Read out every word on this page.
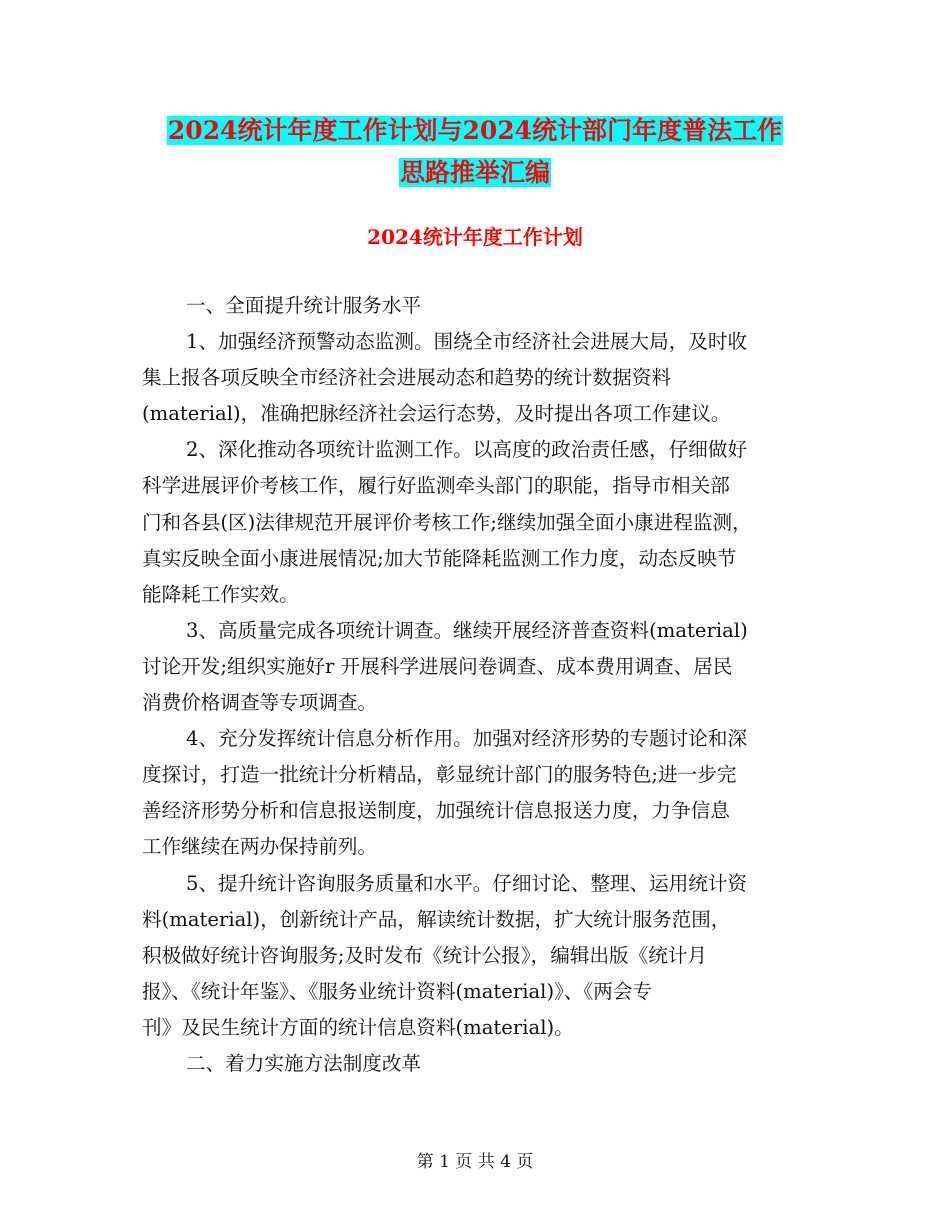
2024统计年度工作计划与2024统计部门年度普法工作
思路推举汇编
2024统计年度工作计划
一、全面提升统计服务水平
1、加强经济预警动态监测。围绕全市经济社会进展大局，及时收
集上报各项反映全市经济社会进展动态和趋势的统计数据资料
(material)，准确把脉经济社会运行态势，及时提出各项工作建议。
2、深化推动各项统计监测工作。以高度的政治责任感，仔细做好
科学进展评价考核工作，履行好监测牵头部门的职能，指导市相关部
门和各县(区)法律规范开展评价考核工作;继续加强全面小康进程监测，
真实反映全面小康进展情况;加大节能降耗监测工作力度，动态反映节
能降耗工作实效。
3、高质量完成各项统计调查。继续开展经济普查资料(material)
讨论开发;组织实施好r 开展科学进展问卷调查、成本费用调查、居民
消费价格调查等专项调查。
4、充分发挥统计信息分析作用。加强对经济形势的专题讨论和深
度探讨，打造一批统计分析精品，彰显统计部门的服务特色;进一步完
善经济形势分析和信息报送制度，加强统计信息报送力度，力争信息
工作继续在两办保持前列。
5、提升统计咨询服务质量和水平。仔细讨论、整理、运用统计资
料(material)，创新统计产品，解读统计数据，扩大统计服务范围，
积极做好统计咨询服务;及时发布《统计公报》，编辑出版《统计月
报》、《统计年鉴》、《服务业统计资料(material)》、《两会专
刊》及民生统计方面的统计信息资料(material)。
二、着力实施方法制度改革
第 1 页 共 4 页
